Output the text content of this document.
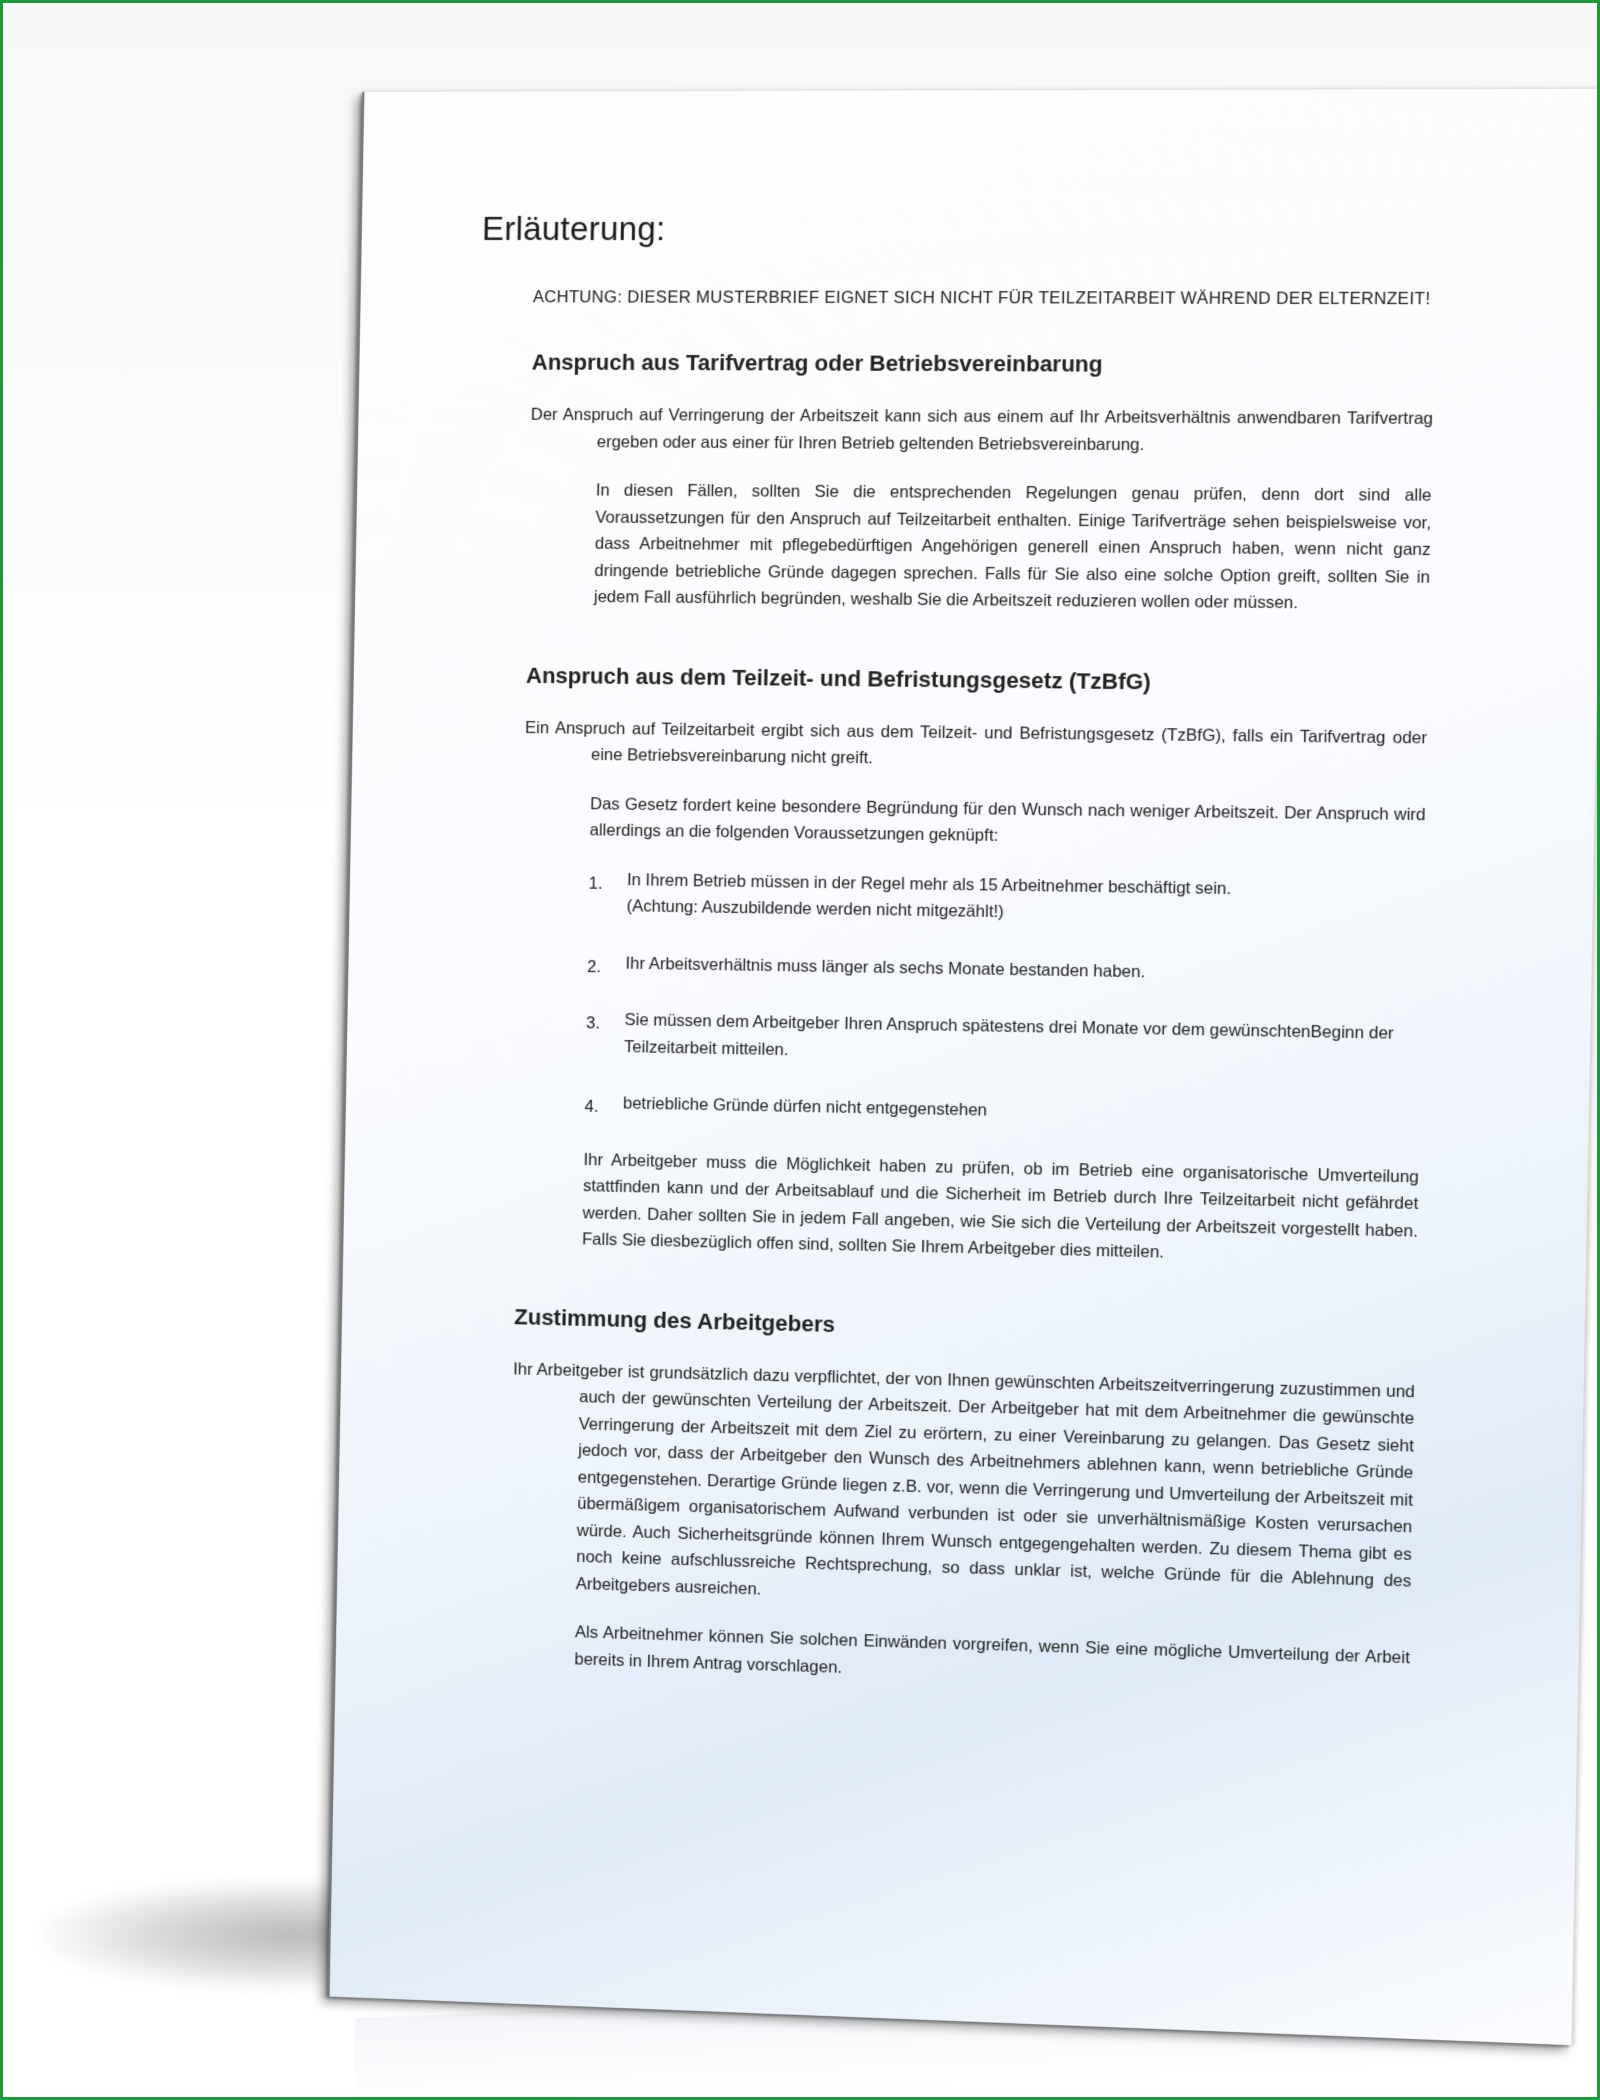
Erläuterung:
ACHTUNG: DIESER MUSTERBRIEF EIGNET SICH NICHT FÜR TEILZEITARBEIT WÄHREND DER ELTERNZEIT!
Anspruch aus Tarifvertrag oder Betriebsvereinbarung

Der Anspruch auf Verringerung der Arbeitszeit kann sich aus einem auf Ihr Arbeitsverhältnis anwendbaren Tarifvertrag ergeben oder aus einer für Ihren Betrieb geltenden Betriebsvereinbarung.

In diesen Fällen, sollten Sie die entsprechenden Regelungen genau prüfen, denn dort sind alle Voraussetzungen für den Anspruch auf Teilzeitarbeit enthalten. Einige Tarifverträge sehen beispielsweise vor, dass Arbeitnehmer mit pflegebedürftigen Angehörigen generell einen Anspruch haben, wenn nicht ganz dringende betriebliche Gründe dagegen sprechen. Falls für Sie also eine solche Option greift, sollten Sie in jedem Fall ausführlich begründen, weshalb Sie die Arbeitszeit reduzieren wollen oder müssen.

Anspruch aus dem Teilzeit- und Befristungsgesetz (TzBfG)

Ein Anspruch auf Teilzeitarbeit ergibt sich aus dem Teilzeit- und Befristungsgesetz (TzBfG), falls ein Tarifvertrag oder eine Betriebsvereinbarung nicht greift.

Das Gesetz fordert keine besondere Begründung für den Wunsch nach weniger Arbeitszeit. Der Anspruch wird allerdings an die folgenden Voraussetzungen geknüpft:

1. In Ihrem Betrieb müssen in der Regel mehr als 15 Arbeitnehmer beschäftigt sein.
(Achtung: Auszubildende werden nicht mitgezählt!)
2. Ihr Arbeitsverhältnis muss länger als sechs Monate bestanden haben.
3. Sie müssen dem Arbeitgeber Ihren Anspruch spätestens drei Monate vor dem gewünschtenBeginn der Teilzeitarbeit mitteilen.
4. betriebliche Gründe dürfen nicht entgegenstehen

Ihr Arbeitgeber muss die Möglichkeit haben zu prüfen, ob im Betrieb eine organisatorische Umverteilung stattfinden kann und der Arbeitsablauf und die Sicherheit im Betrieb durch Ihre Teilzeitarbeit nicht gefährdet werden. Daher sollten Sie in jedem Fall angeben, wie Sie sich die Verteilung der Arbeitszeit vorgestellt haben. Falls Sie diesbezüglich offen sind, sollten Sie Ihrem Arbeitgeber dies mitteilen.

Zustimmung des Arbeitgebers

Ihr Arbeitgeber ist grundsätzlich dazu verpflichtet, der von Ihnen gewünschten Arbeitszeitverringerung zuzustimmen und auch der gewünschten Verteilung der Arbeitszeit. Der Arbeitgeber hat mit dem Arbeitnehmer die gewünschte Verringerung der Arbeitszeit mit dem Ziel zu erörtern, zu einer Vereinbarung zu gelangen. Das Gesetz sieht jedoch vor, dass der Arbeitgeber den Wunsch des Arbeitnehmers ablehnen kann, wenn betriebliche Gründe entgegenstehen. Derartige Gründe liegen z.B. vor, wenn die Verringerung und Umverteilung der Arbeitszeit mit übermäßigem organisatorischem Aufwand verbunden ist oder sie unverhältnismäßige Kosten verursachen würde. Auch Sicherheitsgründe können Ihrem Wunsch entgegengehalten werden. Zu diesem Thema gibt es noch keine aufschlussreiche Rechtsprechung, so dass unklar ist, welche Gründe für die Ablehnung des Arbeitgebers ausreichen.

Als Arbeitnehmer können Sie solchen Einwänden vorgreifen, wenn Sie eine mögliche Umverteilung der Arbeit bereits in Ihrem Antrag vorschlagen.
